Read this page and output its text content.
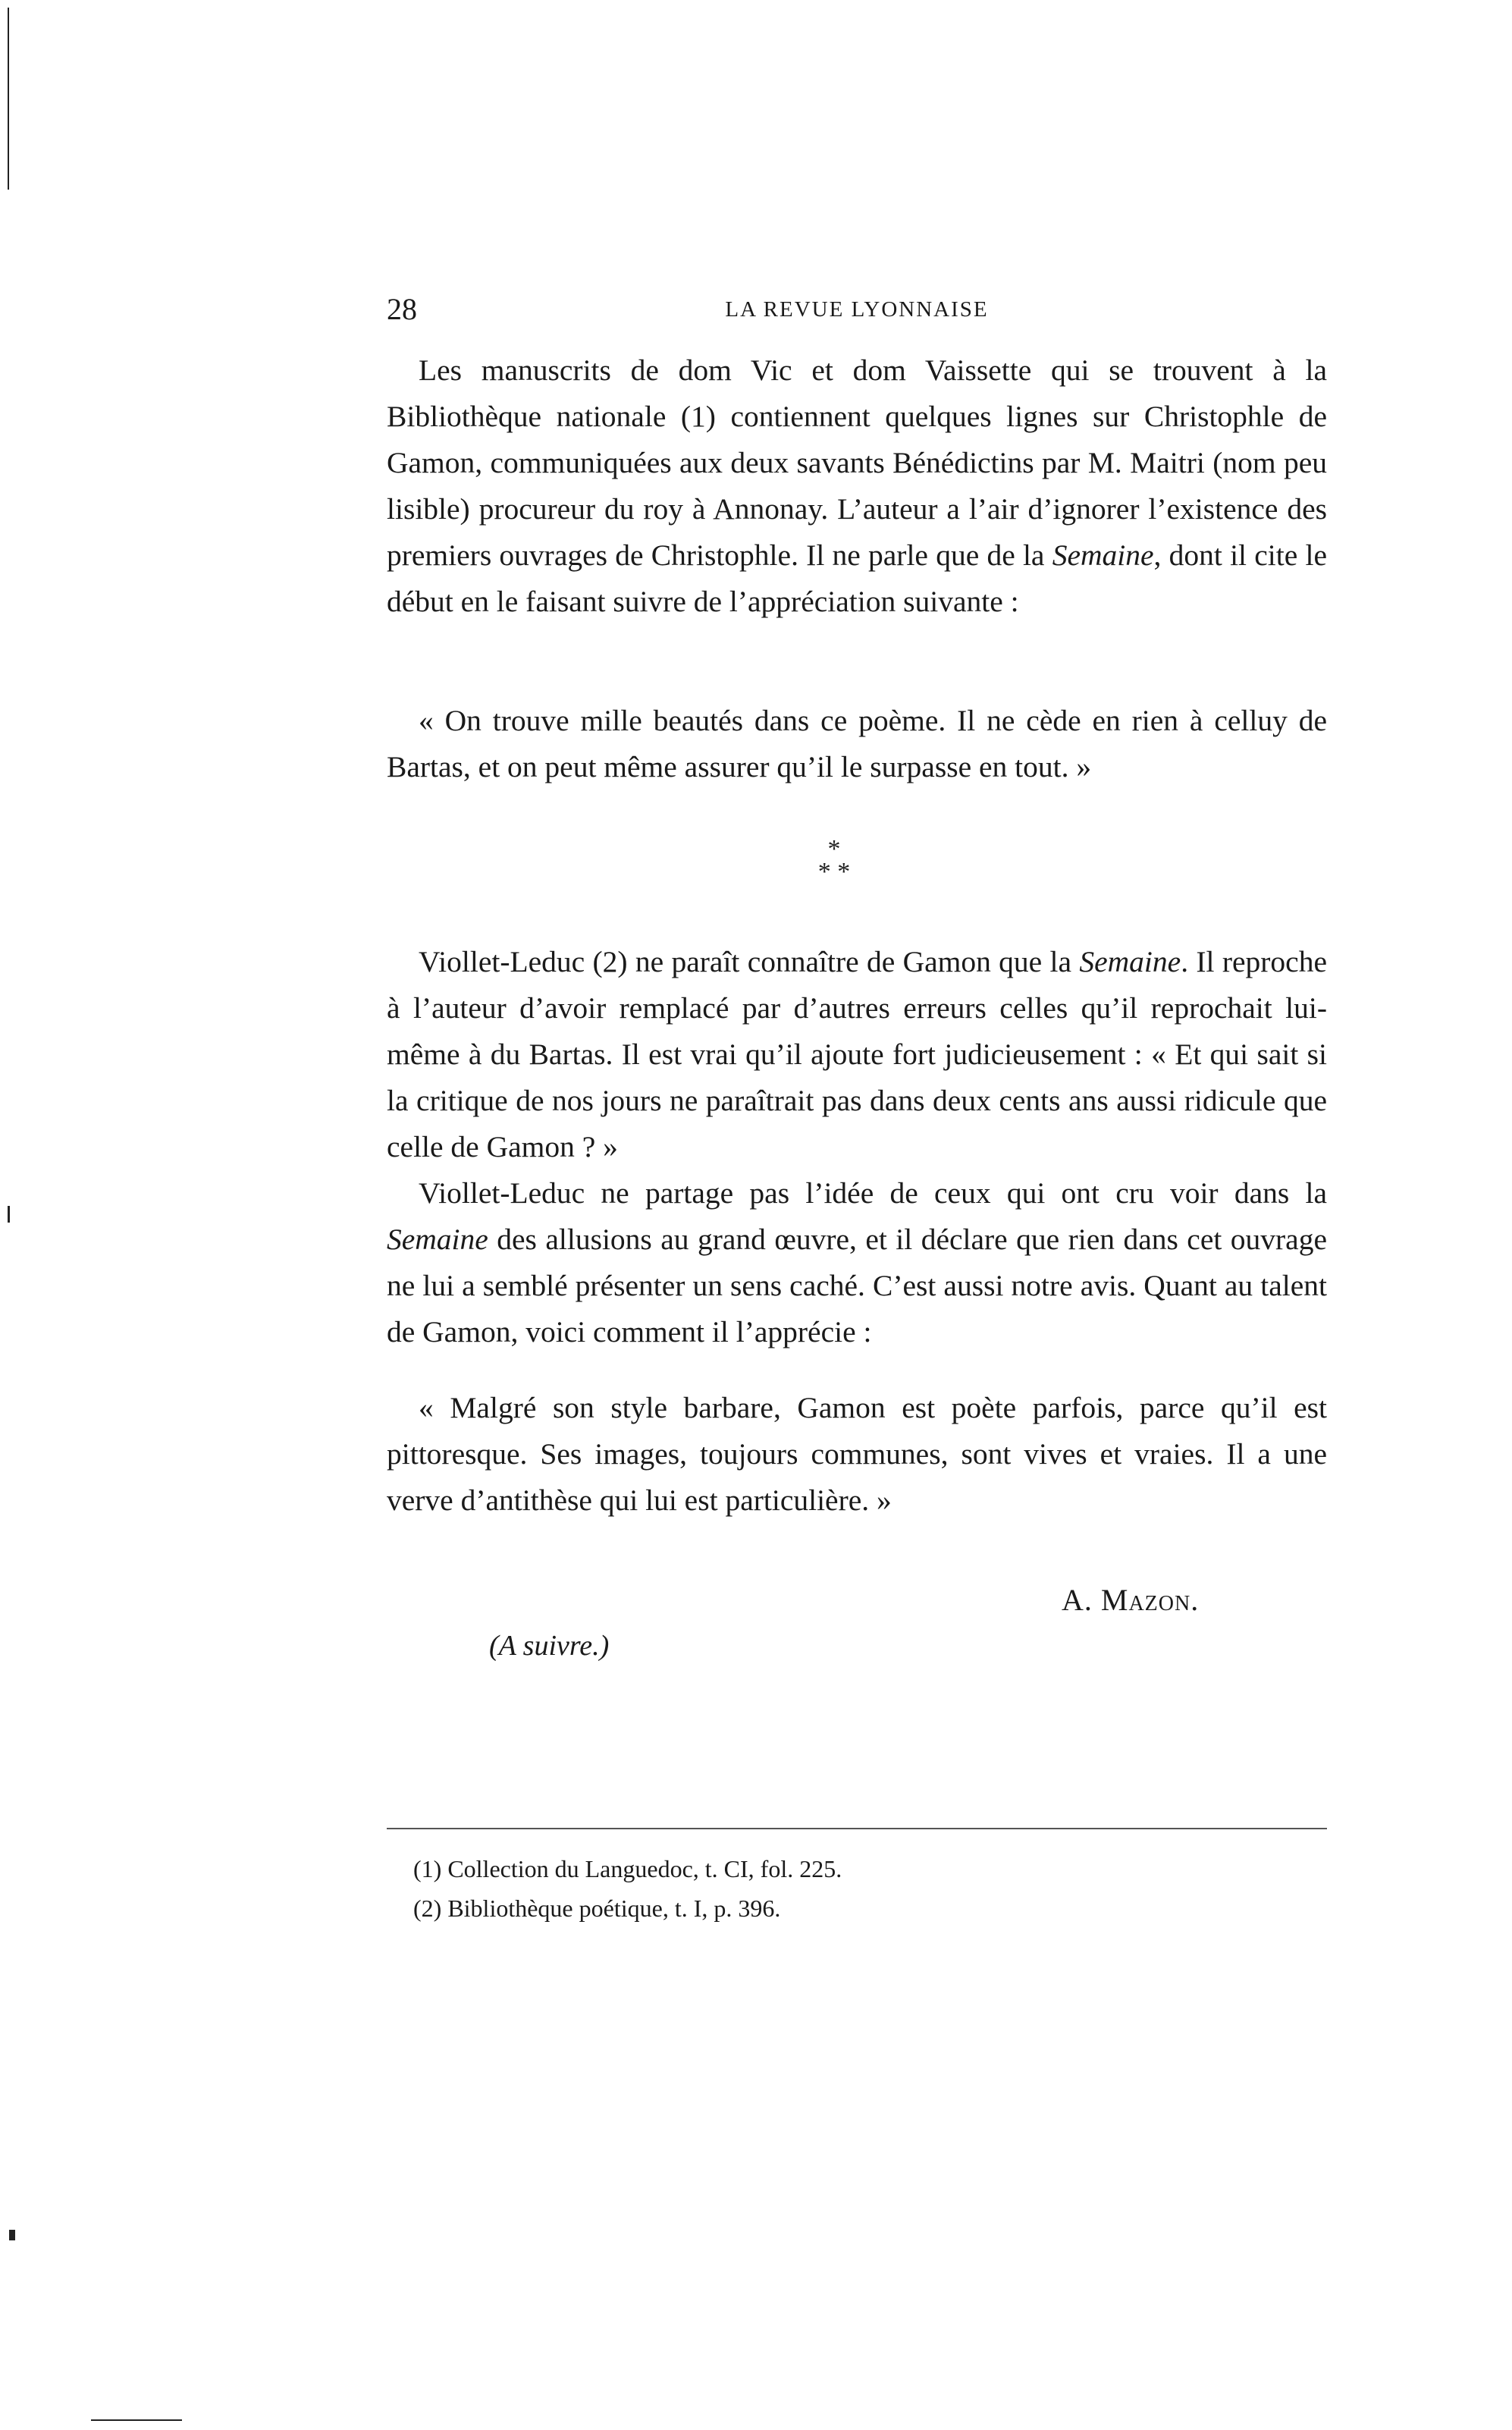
28	LA REVUE LYONNAISE

Les manuscrits de dom Vic et dom Vaissette qui se trouvent à la Bibliothèque nationale (1) contiennent quelques lignes sur Christophle de Gamon, communiquées aux deux savants Bénédictins par M. Maitri (nom peu lisible) procureur du roy à Annonay. L’auteur a l’air d’ignorer l’existence des premiers ouvrages de Christophle. Il ne parle que de la Semaine, dont il cite le début en le faisant suivre de l’appréciation suivante :

« On trouve mille beautés dans ce poème. Il ne cède en rien à celluy de Bartas, et on peut même assurer qu’il le surpasse en tout. »

*
* *

Viollet-Leduc (2) ne paraît connaître de Gamon que la Semaine. Il reproche à l’auteur d’avoir remplacé par d’autres erreurs celles qu’il reprochait lui-même à du Bartas. Il est vrai qu’il ajoute fort judicieusement : « Et qui sait si la critique de nos jours ne paraîtrait pas dans deux cents ans aussi ridicule que celle de Gamon ? »

Viollet-Leduc ne partage pas l’idée de ceux qui ont cru voir dans la Semaine des allusions au grand œuvre, et il déclare que rien dans cet ouvrage ne lui a semblé présenter un sens caché. C’est aussi notre avis. Quant au talent de Gamon, voici comment il l’apprécie :

« Malgré son style barbare, Gamon est poète parfois, parce qu’il est pittoresque. Ses images, toujours communes, sont vives et vraies. Il a une verve d’antithèse qui lui est particulière. »

A. Mazon.
(A suivre.)
(1) Collection du Languedoc, t. CI, fol. 225.
(2) Bibliothèque poétique, t. I, p. 396.
